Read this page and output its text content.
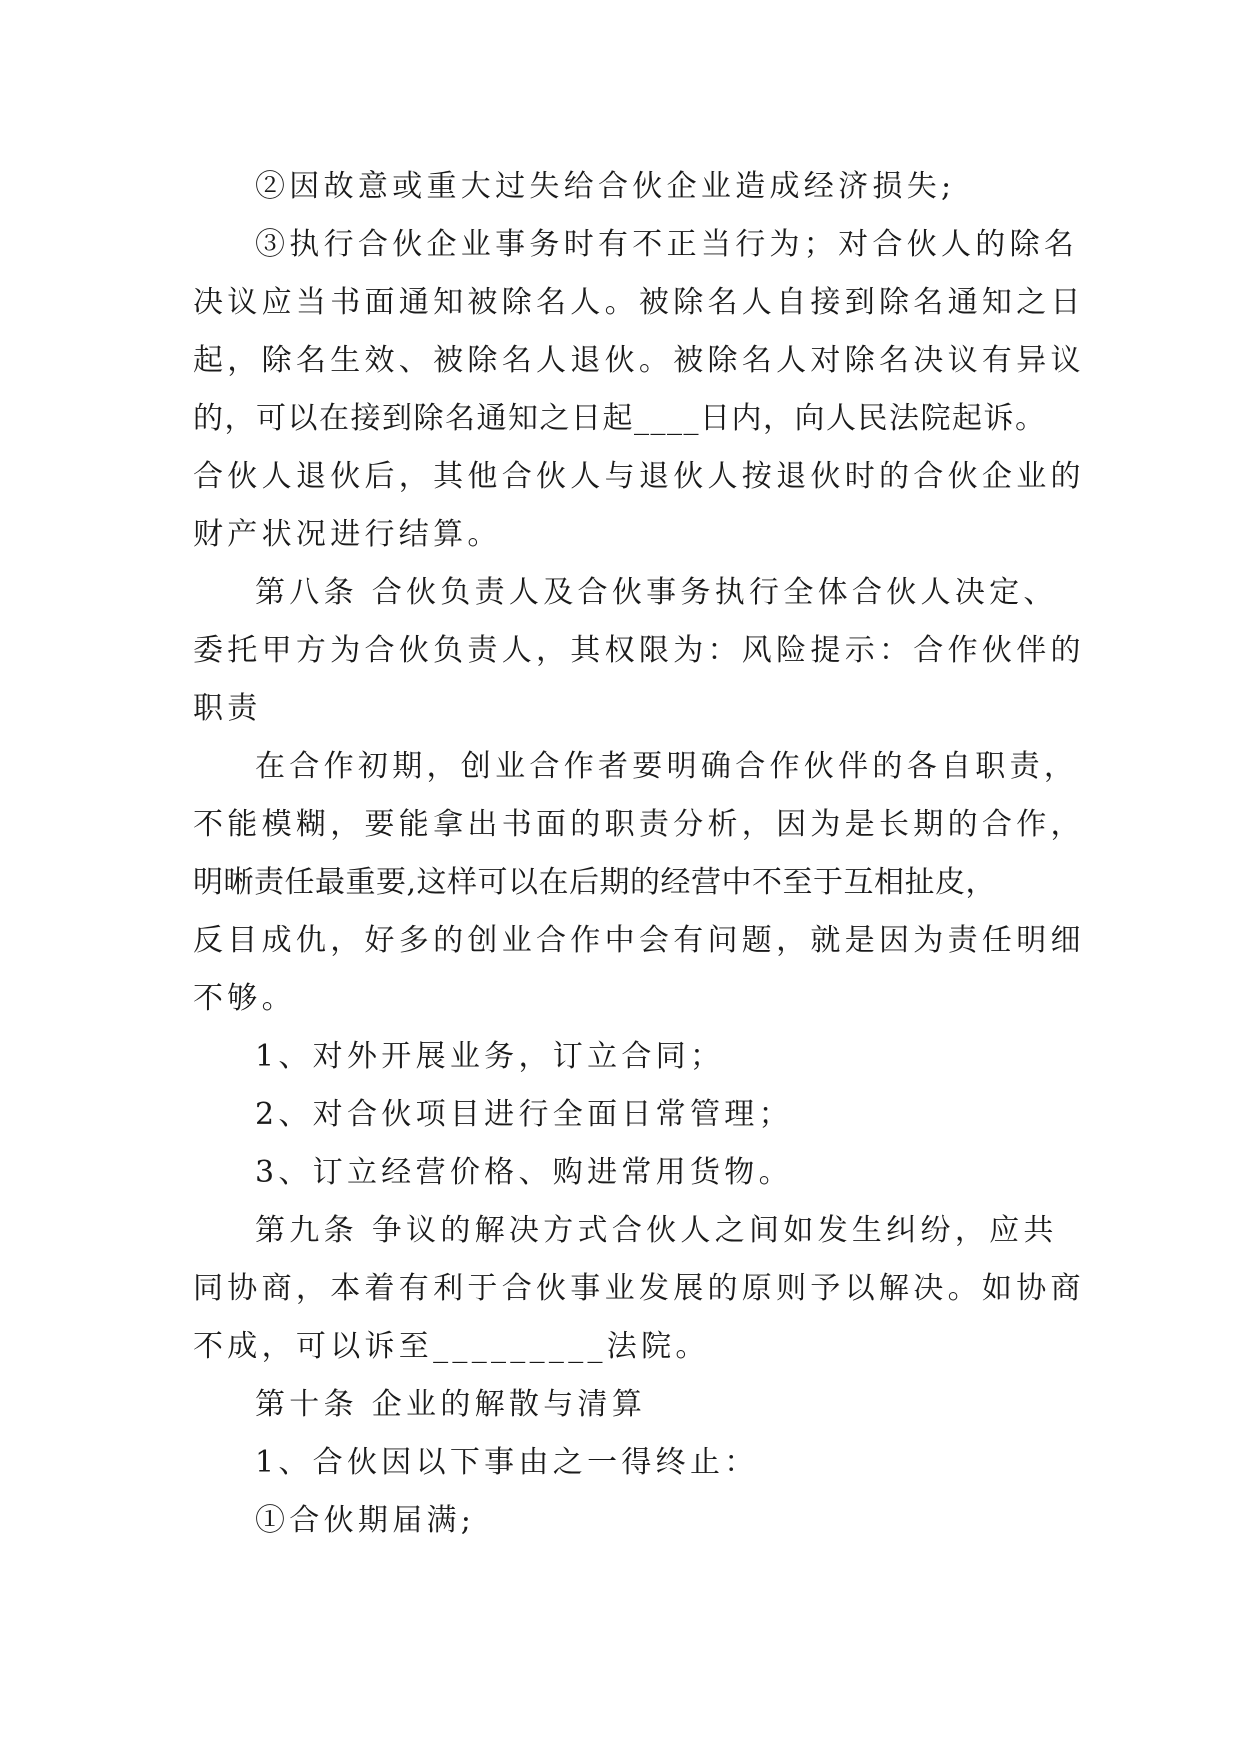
②因故意或重大过失给合伙企业造成经济损失;
③执行合伙企业事务时有不正当行为；对合伙人的除名
决议应当书面通知被除名人。被除名人自接到除名通知之日
起，除名生效、被除名人退伙。被除名人对除名决议有异议
的，可以在接到除名通知之日起____日内，向人民法院起诉。
合伙人退伙后，其他合伙人与退伙人按退伙时的合伙企业的
财产状况进行结算。
第八条 合伙负责人及合伙事务执行全体合伙人决定、
委托甲方为合伙负责人，其权限为：风险提示：合作伙伴的
职责
在合作初期，创业合作者要明确合作伙伴的各自职责，
不能模糊，要能拿出书面的职责分析，因为是长期的合作，
明晰责任最重要,这样可以在后期的经营中不至于互相扯皮，
反目成仇，好多的创业合作中会有问题，就是因为责任明细
不够。
1、对外开展业务，订立合同；
2、对合伙项目进行全面日常管理；
3、订立经营价格、购进常用货物。
第九条 争议的解决方式合伙人之间如发生纠纷，应共
同协商，本着有利于合伙事业发展的原则予以解决。如协商
不成，可以诉至_________法院。
第十条 企业的解散与清算
1、合伙因以下事由之一得终止：
①合伙期届满;
